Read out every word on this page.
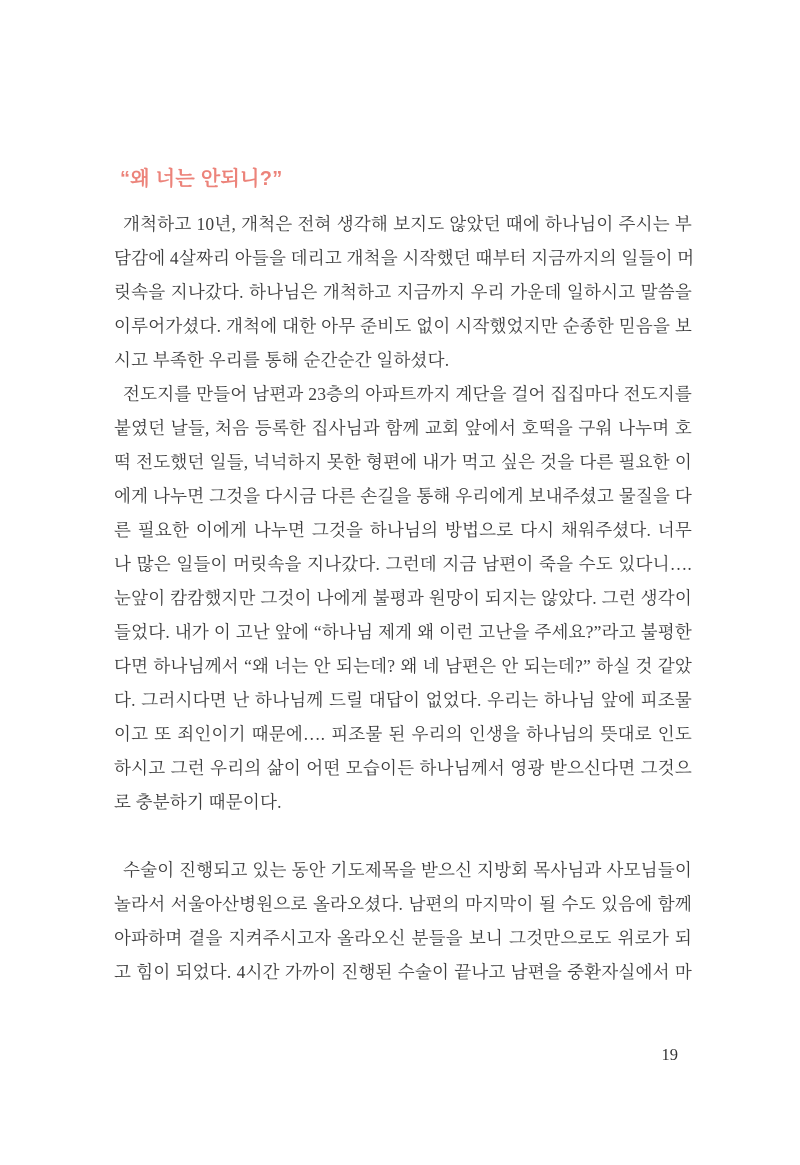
“왜 너는 안되니?”
개척하고 10년, 개척은 전혀 생각해 보지도 않았던 때에 하나님이 주시는 부
담감에 4살짜리 아들을 데리고 개척을 시작했던 때부터 지금까지의 일들이 머
릿속을 지나갔다. 하나님은 개척하고 지금까지 우리 가운데 일하시고 말씀을
이루어가셨다. 개척에 대한 아무 준비도 없이 시작했었지만 순종한 믿음을 보
시고 부족한 우리를 통해 순간순간 일하셨다.
전도지를 만들어 남편과 23층의 아파트까지 계단을 걸어 집집마다 전도지를
붙였던 날들, 처음 등록한 집사님과 함께 교회 앞에서 호떡을 구워 나누며 호
떡 전도했던 일들, 넉넉하지 못한 형편에 내가 먹고 싶은 것을 다른 필요한 이
에게 나누면 그것을 다시금 다른 손길을 통해 우리에게 보내주셨고 물질을 다
른 필요한 이에게 나누면 그것을 하나님의 방법으로 다시 채워주셨다. 너무
나 많은 일들이 머릿속을 지나갔다. 그런데 지금 남편이 죽을 수도 있다니….
눈앞이 캄캄했지만 그것이 나에게 불평과 원망이 되지는 않았다. 그런 생각이
들었다. 내가 이 고난 앞에 “하나님 제게 왜 이런 고난을 주세요?”라고 불평한
다면 하나님께서 “왜 너는 안 되는데? 왜 네 남편은 안 되는데?” 하실 것 같았
다. 그러시다면 난 하나님께 드릴 대답이 없었다. 우리는 하나님 앞에 피조물
이고 또 죄인이기 때문에…. 피조물 된 우리의 인생을 하나님의 뜻대로 인도
하시고 그런 우리의 삶이 어떤 모습이든 하나님께서 영광 받으신다면 그것으
로 충분하기 때문이다.
수술이 진행되고 있는 동안 기도제목을 받으신 지방회 목사님과 사모님들이
놀라서 서울아산병원으로 올라오셨다. 남편의 마지막이 될 수도 있음에 함께
아파하며 곁을 지켜주시고자 올라오신 분들을 보니 그것만으로도 위로가 되
고 힘이 되었다. 4시간 가까이 진행된 수술이 끝나고 남편을 중환자실에서 마
19
